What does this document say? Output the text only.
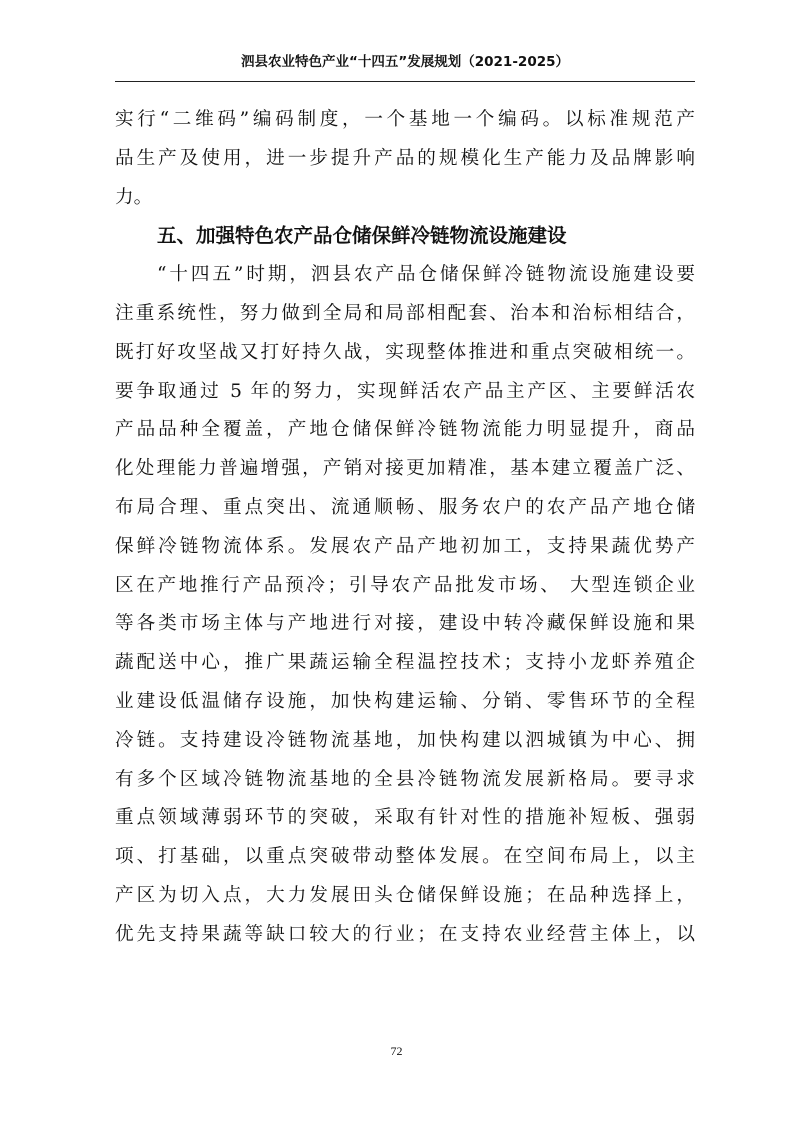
泗县农业特色产业“十四五”发展规划（2021-2025）
实行“二维码”编码制度，一个基地一个编码。以标准规范产
品生产及使用，进一步提升产品的规模化生产能力及品牌影响
力。
五、加强特色农产品仓储保鲜冷链物流设施建设
“十四五”时期，泗县农产品仓储保鲜冷链物流设施建设要
注重系统性，努力做到全局和局部相配套、治本和治标相结合，
既打好攻坚战又打好持久战，实现整体推进和重点突破相统一。
要争取通过 5 年的努力，实现鲜活农产品主产区、主要鲜活农
产品品种全覆盖，产地仓储保鲜冷链物流能力明显提升，商品
化处理能力普遍增强，产销对接更加精准，基本建立覆盖广泛、
布局合理、重点突出、流通顺畅、服务农户的农产品产地仓储
保鲜冷链物流体系。发展农产品产地初加工，支持果蔬优势产
区在产地推行产品预冷；引导农产品批发市场、 大型连锁企业
等各类市场主体与产地进行对接，建设中转冷藏保鲜设施和果
蔬配送中心，推广果蔬运输全程温控技术；支持小龙虾养殖企
业建设低温储存设施，加快构建运输、分销、零售环节的全程
冷链。支持建设冷链物流基地，加快构建以泗城镇为中心、拥
有多个区域冷链物流基地的全县冷链物流发展新格局。要寻求
重点领域薄弱环节的突破，采取有针对性的措施补短板、强弱
项、打基础，以重点突破带动整体发展。在空间布局上，以主
产区为切入点，大力发展田头仓储保鲜设施；在品种选择上，
优先支持果蔬等缺口较大的行业；在支持农业经营主体上，以
72
